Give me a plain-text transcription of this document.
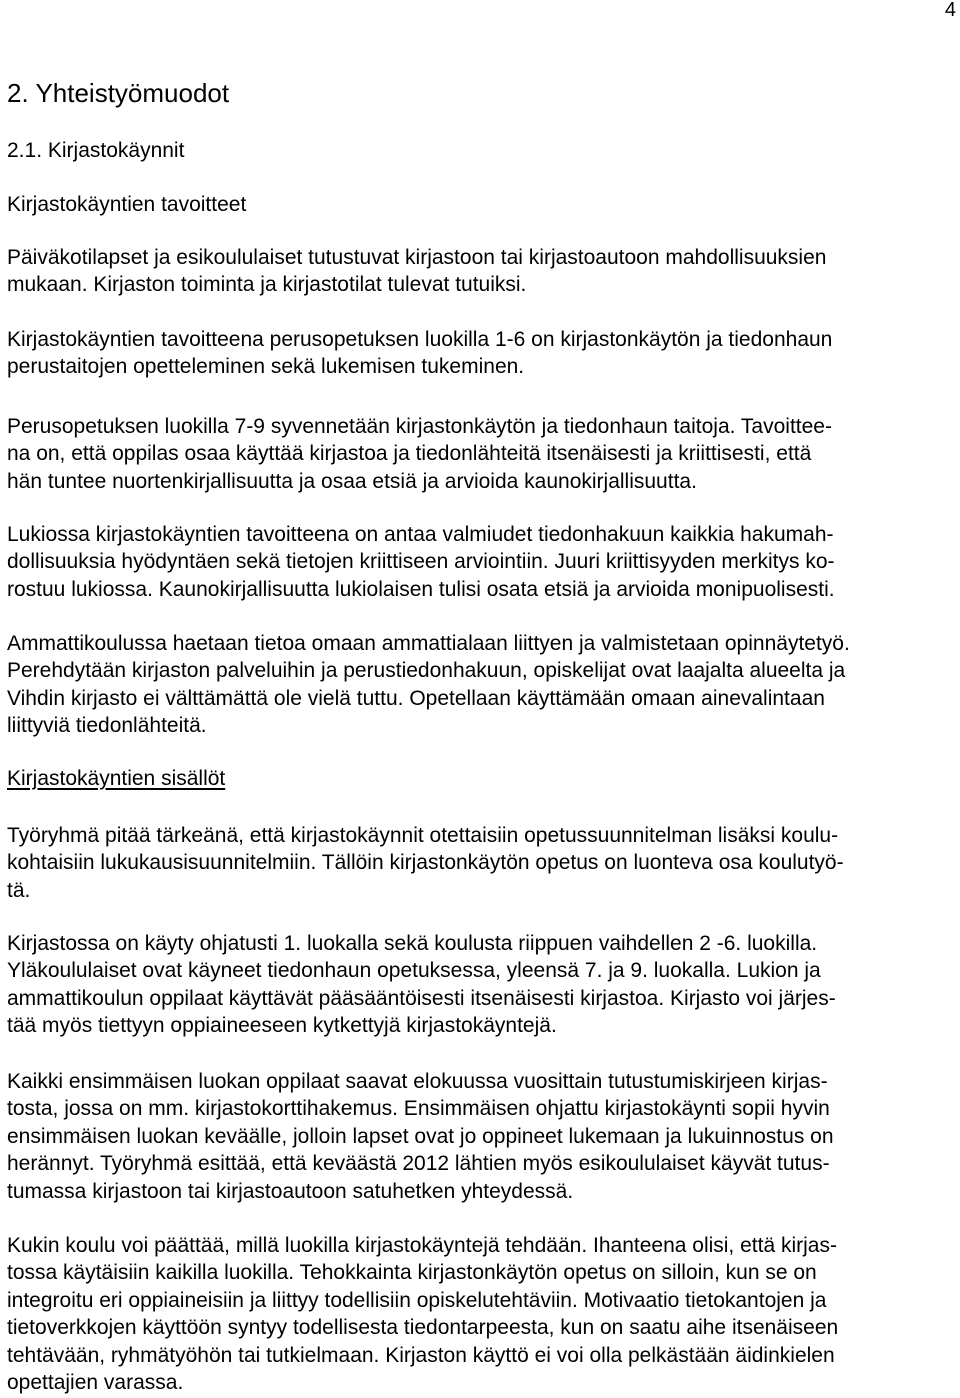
4
2. Yhteistyömuodot
2.1. Kirjastokäynnit
Kirjastokäyntien tavoitteet

Päiväkotilapset ja esikoululaiset tutustuvat kirjastoon tai kirjastoautoon mahdollisuuksien
mukaan. Kirjaston toiminta ja kirjastotilat tulevat tutuiksi.

Kirjastokäyntien tavoitteena perusopetuksen luokilla 1-6 on kirjastonkäytön ja tiedonhaun
perustaitojen opetteleminen sekä lukemisen tukeminen.

Perusopetuksen luokilla 7-9 syvennetään kirjastonkäytön ja tiedonhaun taitoja. Tavoittee-
na on, että oppilas osaa käyttää kirjastoa ja tiedonlähteitä itsenäisesti ja kriittisesti, että
hän tuntee nuortenkirjallisuutta ja osaa etsiä ja arvioida kaunokirjallisuutta.

Lukiossa kirjastokäyntien tavoitteena on antaa valmiudet tiedonhakuun kaikkia hakumah-
dollisuuksia hyödyntäen sekä tietojen kriittiseen arviointiin. Juuri kriittisyyden merkitys ko-
rostuu lukiossa. Kaunokirjallisuutta lukiolaisen tulisi osata etsiä ja arvioida monipuolisesti.

Ammattikoulussa haetaan tietoa omaan ammattialaan liittyen ja valmistetaan opinnäytetyö.
Perehdytään kirjaston palveluihin ja perustiedonhakuun, opiskelijat ovat laajalta alueelta ja
Vihdin kirjasto ei välttämättä ole vielä tuttu. Opetellaan käyttämään omaan ainevalintaan
liittyviä tiedonlähteitä.

Kirjastokäyntien sisällöt

Työryhmä pitää tärkeänä, että kirjastokäynnit otettaisiin opetussuunnitelman lisäksi koulu-
kohtaisiin lukukausisuunnitelmiin. Tällöin kirjastonkäytön opetus on luonteva osa koulutyö-
tä.

Kirjastossa on käyty ohjatusti 1. luokalla sekä koulusta riippuen vaihdellen 2 -6. luokilla.
Yläkoululaiset ovat käyneet tiedonhaun opetuksessa, yleensä 7. ja 9. luokalla. Lukion ja
ammattikoulun oppilaat käyttävät pääsääntöisesti itsenäisesti kirjastoa. Kirjasto voi järjes-
tää myös tiettyyn oppiaineeseen kytkettyjä kirjastokäyntejä.

Kaikki ensimmäisen luokan oppilaat saavat elokuussa vuosittain tutustumiskirjeen kirjas-
tosta, jossa on mm. kirjastokorttihakemus. Ensimmäisen ohjattu kirjastokäynti sopii hyvin
ensimmäisen luokan keväälle, jolloin lapset ovat jo oppineet lukemaan ja lukuinnostus on
herännyt. Työryhmä esittää, että keväästä 2012 lähtien myös esikoululaiset käyvät tutus-
tumassa kirjastoon tai kirjastoautoon satuhetken yhteydessä.

Kukin koulu voi päättää, millä luokilla kirjastokäyntejä tehdään. Ihanteena olisi, että kirjas-
tossa käytäisiin kaikilla luokilla. Tehokkainta kirjastonkäytön opetus on silloin, kun se on
integroitu eri oppiaineisiin ja liittyy todellisiin opiskelutehtäviin. Motivaatio tietokantojen ja
tietoverkkojen käyttöön syntyy todellisesta tiedontarpeesta, kun on saatu aihe itsenäiseen
tehtävään, ryhmätyöhön tai tutkielmaan. Kirjaston käyttö ei voi olla pelkästään äidinkielen
opettajien varassa.
